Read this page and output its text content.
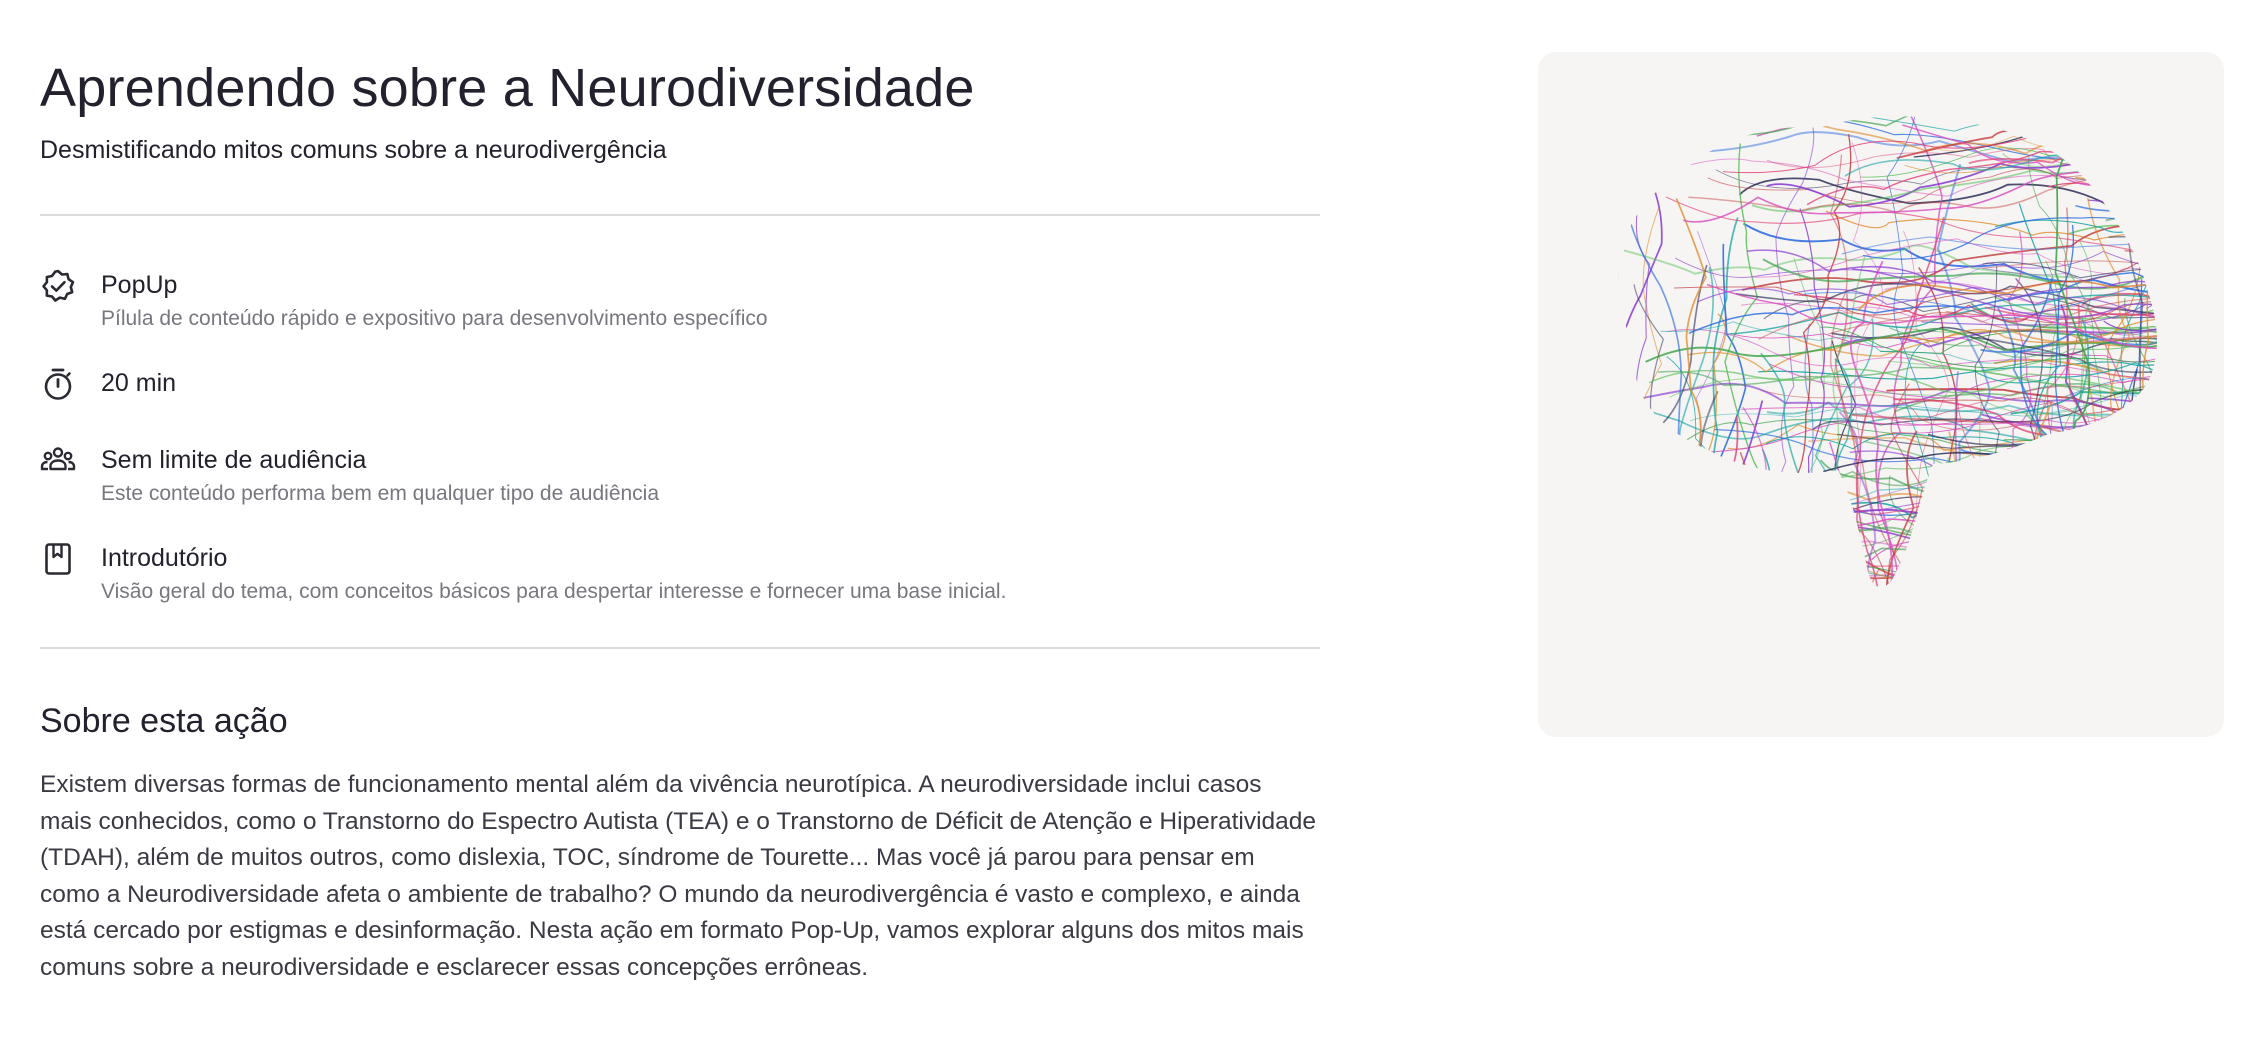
Aprendendo sobre a Neurodiversidade
Desmistificando mitos comuns sobre a neurodivergência
PopUp
Pílula de conteúdo rápido e expositivo para desenvolvimento específico
20 min
Sem limite de audiência
Este conteúdo performa bem em qualquer tipo de audiência
Introdutório
Visão geral do tema, com conceitos básicos para despertar interesse e fornecer uma base inicial.
Sobre esta ação
Existem diversas formas de funcionamento mental além da vivência neurotípica. A neurodiversidade inclui casos mais conhecidos, como o Transtorno do Espectro Autista (TEA) e o Transtorno de Déficit de Atenção e Hiperatividade (TDAH), além de muitos outros, como dislexia, TOC, síndrome de Tourette... Mas você já parou para pensar em como a Neurodiversidade afeta o ambiente de trabalho? O mundo da neurodivergência é vasto e complexo, e ainda está cercado por estigmas e desinformação. Nesta ação em formato Pop-Up, vamos explorar alguns dos mitos mais comuns sobre a neurodiversidade e esclarecer essas concepções errôneas.
